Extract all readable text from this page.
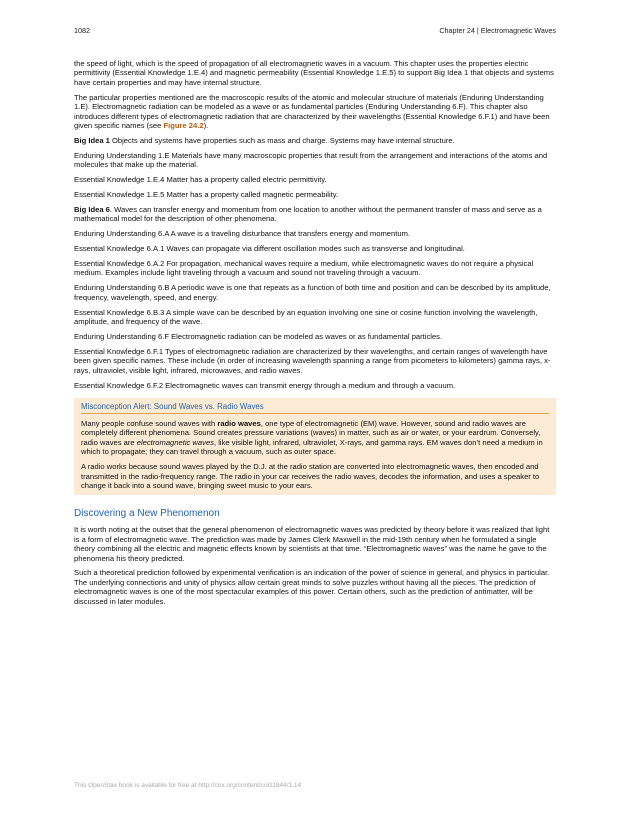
1082	Chapter 24 | Electromagnetic Waves

the speed of light, which is the speed of propagation of all electromagnetic waves in a vacuum. This chapter uses the properties electric permittivity (Essential Knowledge 1.E.4) and magnetic permeability (Essential Knowledge 1.E.5) to support Big Idea 1 that objects and systems have certain properties and may have internal structure.

The particular properties mentioned are the macroscopic results of the atomic and molecular structure of materials (Enduring Understanding 1.E). Electromagnetic radiation can be modeled as a wave or as fundamental particles (Enduring Understanding 6.F). This chapter also introduces different types of electromagnetic radiation that are characterized by their wavelengths (Essential Knowledge 6.F.1) and have been given specific names (see Figure 24.2).

Big Idea 1 Objects and systems have properties such as mass and charge. Systems may have internal structure.

Enduring Understanding 1.E Materials have many macroscopic properties that result from the arrangement and interactions of the atoms and molecules that make up the material.

Essential Knowledge 1.E.4 Matter has a property called electric permittivity.

Essential Knowledge 1.E.5 Matter has a property called magnetic permeability.

Big Idea 6. Waves can transfer energy and momentum from one location to another without the permanent transfer of mass and serve as a mathematical model for the description of other phenomena.

Enduring Understanding 6.A A wave is a traveling disturbance that transfers energy and momentum.

Essential Knowledge 6.A.1 Waves can propagate via different oscillation modes such as transverse and longitudinal.

Essential Knowledge 6.A.2 For propagation, mechanical waves require a medium, while electromagnetic waves do not require a physical medium. Examples include light traveling through a vacuum and sound not traveling through a vacuum.

Enduring Understanding 6.B A periodic wave is one that repeats as a function of both time and position and can be described by its amplitude, frequency, wavelength, speed, and energy.

Essential Knowledge 6.B.3 A simple wave can be described by an equation involving one sine or cosine function involving the wavelength, amplitude, and frequency of the wave.

Enduring Understanding 6.F Electromagnetic radiation can be modeled as waves or as fundamental particles.

Essential Knowledge 6.F.1 Types of electromagnetic radiation are characterized by their wavelengths, and certain ranges of wavelength have been given specific names. These include (in order of increasing wavelength spanning a range from picometers to kilometers) gamma rays, x-rays, ultraviolet, visible light, infrared, microwaves, and radio waves.

Essential Knowledge 6.F.2 Electromagnetic waves can transmit energy through a medium and through a vacuum.

Misconception Alert: Sound Waves vs. Radio Waves

Many people confuse sound waves with radio waves, one type of electromagnetic (EM) wave. However, sound and radio waves are completely different phenomena. Sound creates pressure variations (waves) in matter, such as air or water, or your eardrum. Conversely, radio waves are electromagnetic waves, like visible light, infrared, ultraviolet, X-rays, and gamma rays. EM waves don’t need a medium in which to propagate; they can travel through a vacuum, such as outer space.

A radio works because sound waves played by the D.J. at the radio station are converted into electromagnetic waves, then encoded and transmitted in the radio-frequency range. The radio in your car receives the radio waves, decodes the information, and uses a speaker to change it back into a sound wave, bringing sweet music to your ears.

Discovering a New Phenomenon

It is worth noting at the outset that the general phenomenon of electromagnetic waves was predicted by theory before it was realized that light is a form of electromagnetic wave. The prediction was made by James Clerk Maxwell in the mid-19th century when he formulated a single theory combining all the electric and magnetic effects known by scientists at that time. “Electromagnetic waves” was the name he gave to the phenomena his theory predicted.

Such a theoretical prediction followed by experimental verification is an indication of the power of science in general, and physics in particular. The underlying connections and unity of physics allow certain great minds to solve puzzles without having all the pieces. The prediction of electromagnetic waves is one of the most spectacular examples of this power. Certain others, such as the prediction of antimatter, will be discussed in later modules.

This OpenStax book is available for free at http://cnx.org/content/col11844/1.14
